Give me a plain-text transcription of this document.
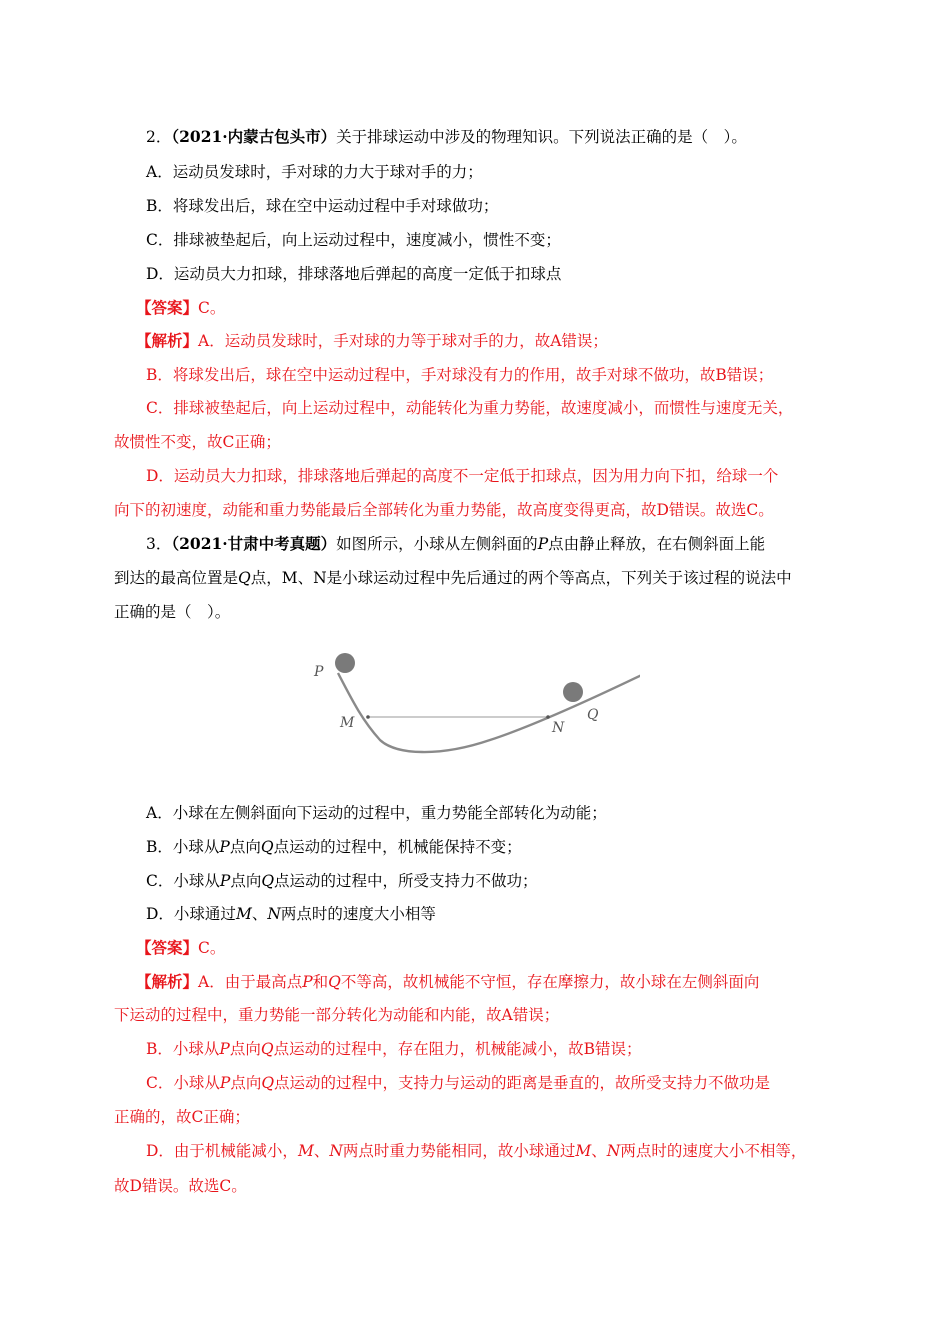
2．（2021·内蒙古包头市）关于排球运动中涉及的物理知识。下列说法正确的是（　）。
A．运动员发球时，手对球的力大于球对手的力；
B．将球发出后，球在空中运动过程中手对球做功；
C．排球被垫起后，向上运动过程中，速度减小，惯性不变；
D．运动员大力扣球，排球落地后弹起的高度一定低于扣球点
【答案】C。
【解析】A．运动员发球时，手对球的力等于球对手的力，故A错误；
B．将球发出后，球在空中运动过程中，手对球没有力的作用，故手对球不做功，故B错误；
C．排球被垫起后，向上运动过程中，动能转化为重力势能，故速度减小，而惯性与速度无关，
故惯性不变，故C正确；
D．运动员大力扣球，排球落地后弹起的高度不一定低于扣球点，因为用力向下扣，给球一个
向下的初速度，动能和重力势能最后全部转化为重力势能，故高度变得更高，故D错误。故选C。
3．（2021·甘肃中考真题）如图所示，小球从左侧斜面的P点由静止释放，在右侧斜面上能
到达的最高位置是Q点，M、N是小球运动过程中先后通过的两个等高点，下列关于该过程的说法中
正确的是（　）。
P
M	N
Q
A．小球在左侧斜面向下运动的过程中，重力势能全部转化为动能；
B．小球从P点向Q点运动的过程中，机械能保持不变；
C．小球从P点向Q点运动的过程中，所受支持力不做功；
D．小球通过M、N两点时的速度大小相等
【答案】C。
【解析】A．由于最高点P和Q不等高，故机械能不守恒，存在摩擦力，故小球在左侧斜面向
下运动的过程中，重力势能一部分转化为动能和内能，故A错误；
B．小球从P点向Q点运动的过程中，存在阻力，机械能减小，故B错误；
C．小球从P点向Q点运动的过程中，支持力与运动的距离是垂直的，故所受支持力不做功是
正确的，故C正确；
D．由于机械能减小，M、N两点时重力势能相同，故小球通过M、N两点时的速度大小不相等，
故D错误。故选C。
